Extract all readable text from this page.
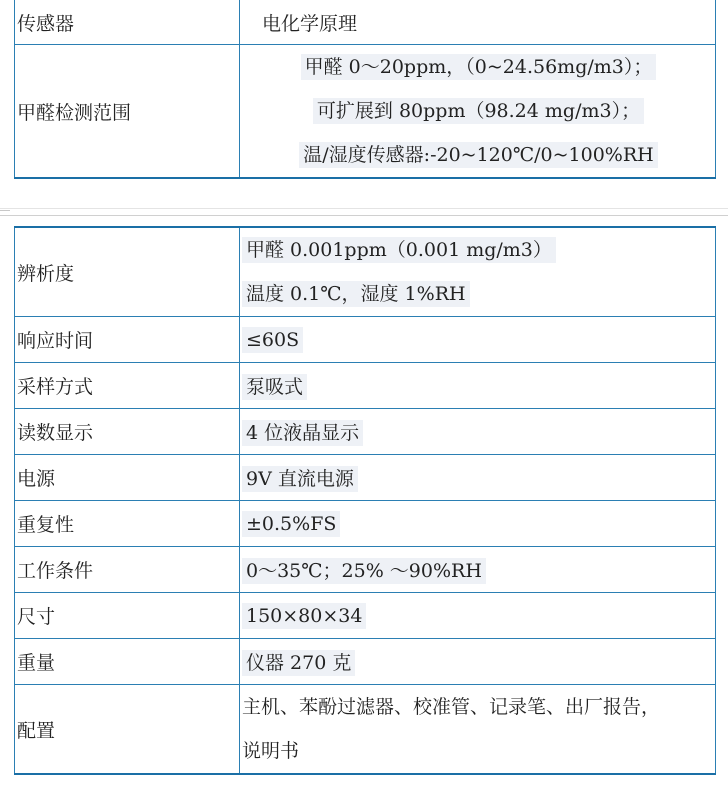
传感器	电化学原理
甲醛检测范围	甲醛 0～20ppm，（0~24.56mg/m3）；
可扩展到 80ppm（98.24 mg/m3）；
温/湿度传感器:-20~120℃/0~100%RH
辨析度	甲醛 0.001ppm（0.001 mg/m3）
温度 0.1℃，湿度 1%RH

响应时间	≤60S
采样方式	泵吸式
读数显示	4 位液晶显示
电源	9V 直流电源
重复性	±0.5%FS
工作条件	0～35℃；25% ～90%RH
尺寸	150×80×34
重量	仪器 270 克
配置	主机、苯酚过滤器、校准管、记录笔、出厂报告，
说明书
